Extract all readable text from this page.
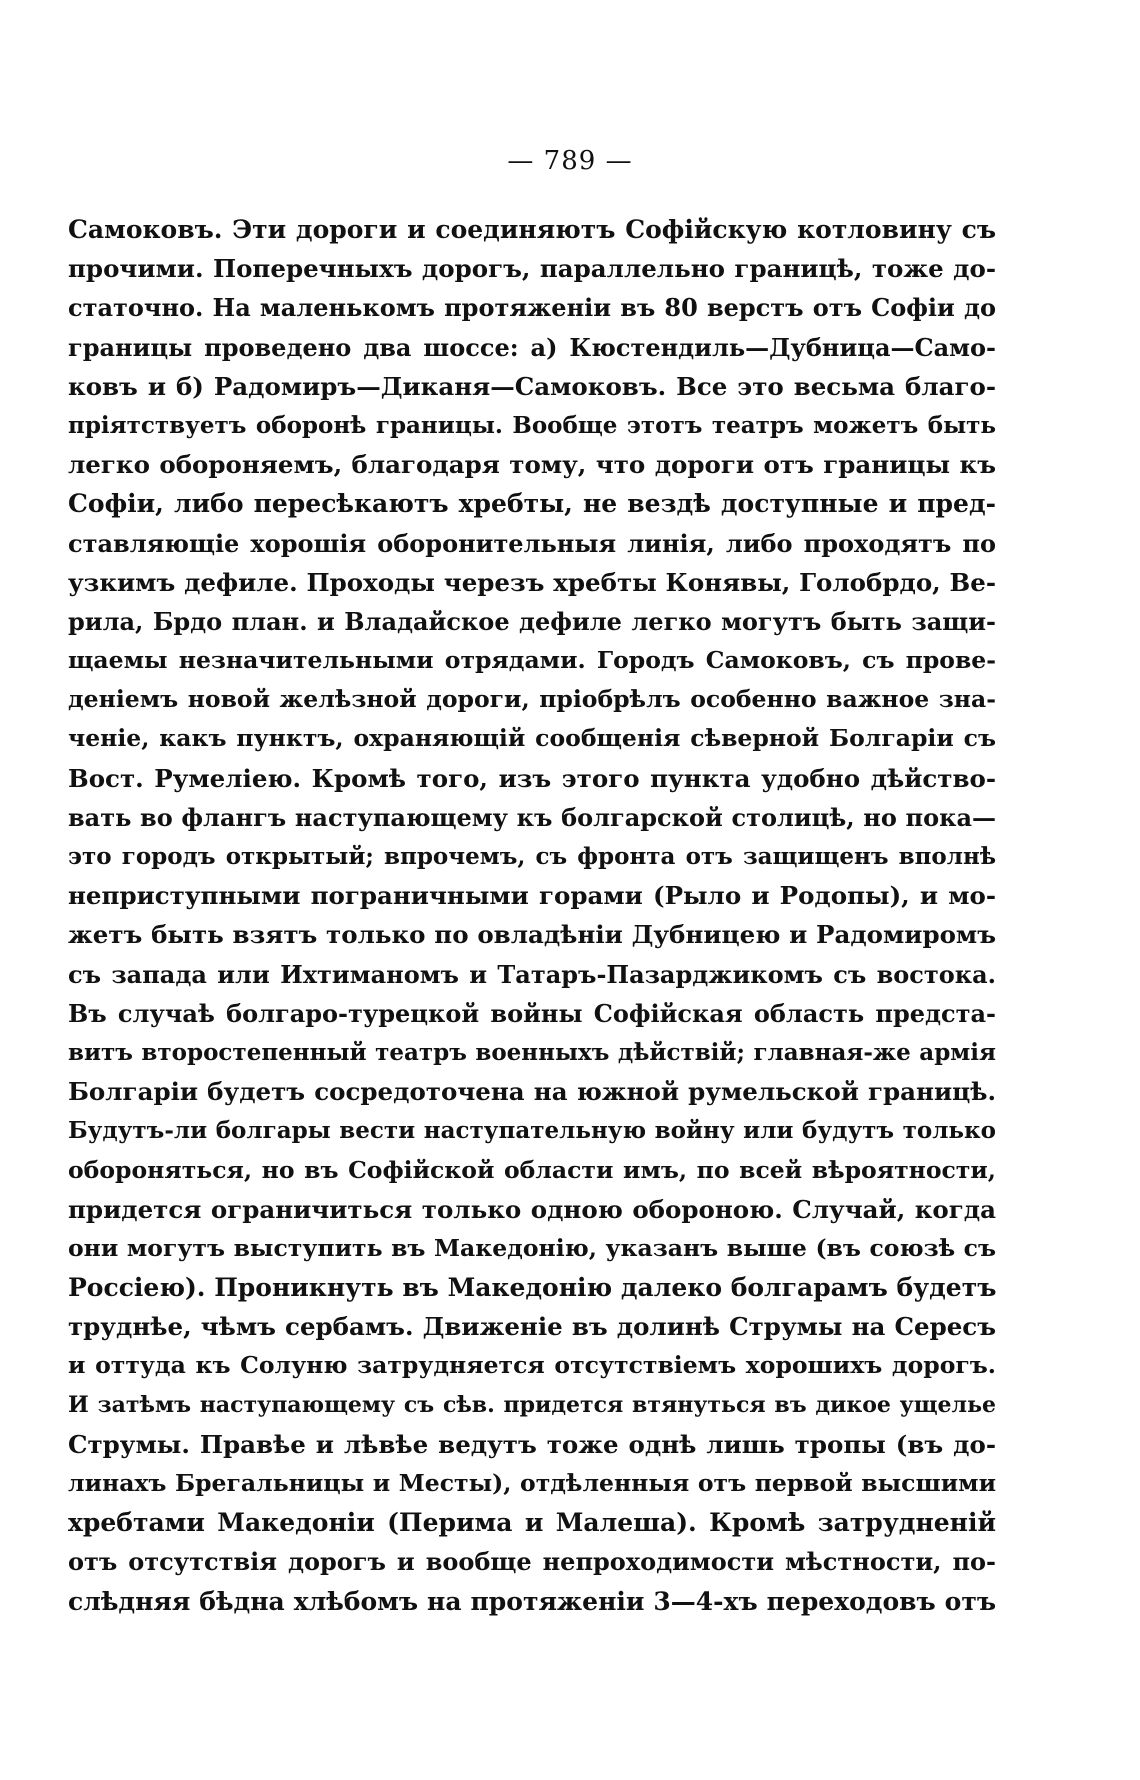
— 789 —
Самоковъ. Эти дороги и соединяютъ Софійскую котловину съ
прочими. Поперечныхъ дорогъ, параллельно границѣ, тоже до-
статочно. На маленькомъ протяженіи въ 80 верстъ отъ Софіи до
границы проведено два шоссе: а) Кюстендиль—Дубница—Само-
ковъ и б) Радомиръ—Диканя—Самоковъ. Все это весьма благо-
пріятствуетъ оборонѣ границы. Вообще этотъ театръ можетъ быть
легко обороняемъ, благодаря тому, что дороги отъ границы къ
Софіи, либо пересѣкаютъ хребты, не вездѣ доступные и пред-
ставляющіе хорошія оборонительныя линія, либо проходятъ по
узкимъ дефиле. Проходы черезъ хребты Конявы, Голобрдо, Ве-
рила, Брдо план. и Владайское дефиле легко могутъ быть защи-
щаемы незначительными отрядами. Городъ Самоковъ, съ прове-
деніемъ новой желѣзной дороги, пріобрѣлъ особенно важное зна-
ченіе, какъ пунктъ, охраняющій сообщенія сѣверной Болгаріи съ
Вост. Румеліею. Кромѣ того, изъ этого пункта удобно дѣйство-
вать во флангъ наступающему къ болгарской столицѣ, но пока—
это городъ открытый; впрочемъ, съ фронта отъ защищенъ вполнѣ
неприступными пограничными горами (Рыло и Родопы), и мо-
жетъ быть взятъ только по овладѣніи Дубницею и Радомиромъ
съ запада или Ихтиманомъ и Татаръ-Пазарджикомъ съ востока.
Въ случаѣ болгаро-турецкой войны Софійская область предста-
витъ второстепенный театръ военныхъ дѣйствій; главная-же армія
Болгаріи будетъ сосредоточена на южной румельской границѣ.
Будутъ-ли болгары вести наступательную войну или будутъ только
обороняться, но въ Софійской области имъ, по всей вѣроятности,
придется ограничиться только одною обороною. Случай, когда
они могутъ выступить въ Македонію, указанъ выше (въ союзѣ съ
Россіею). Проникнуть въ Македонію далеко болгарамъ будетъ
труднѣе, чѣмъ сербамъ. Движеніе въ долинѣ Струмы на Сересъ
и оттуда къ Солуню затрудняется отсутствіемъ хорошихъ дорогъ.
И затѣмъ наступающему съ сѣв. придется втянуться въ дикое ущелье
Струмы. Правѣе и лѣвѣе ведутъ тоже однѣ лишь тропы (въ до-
линахъ Брегальницы и Месты), отдѣленныя отъ первой высшими
хребтами Македоніи (Перима и Малеша). Кромѣ затрудненій
отъ отсутствія дорогъ и вообще непроходимости мѣстности, по-
слѣдняя бѣдна хлѣбомъ на протяженіи 3—4-хъ переходовъ отъ
